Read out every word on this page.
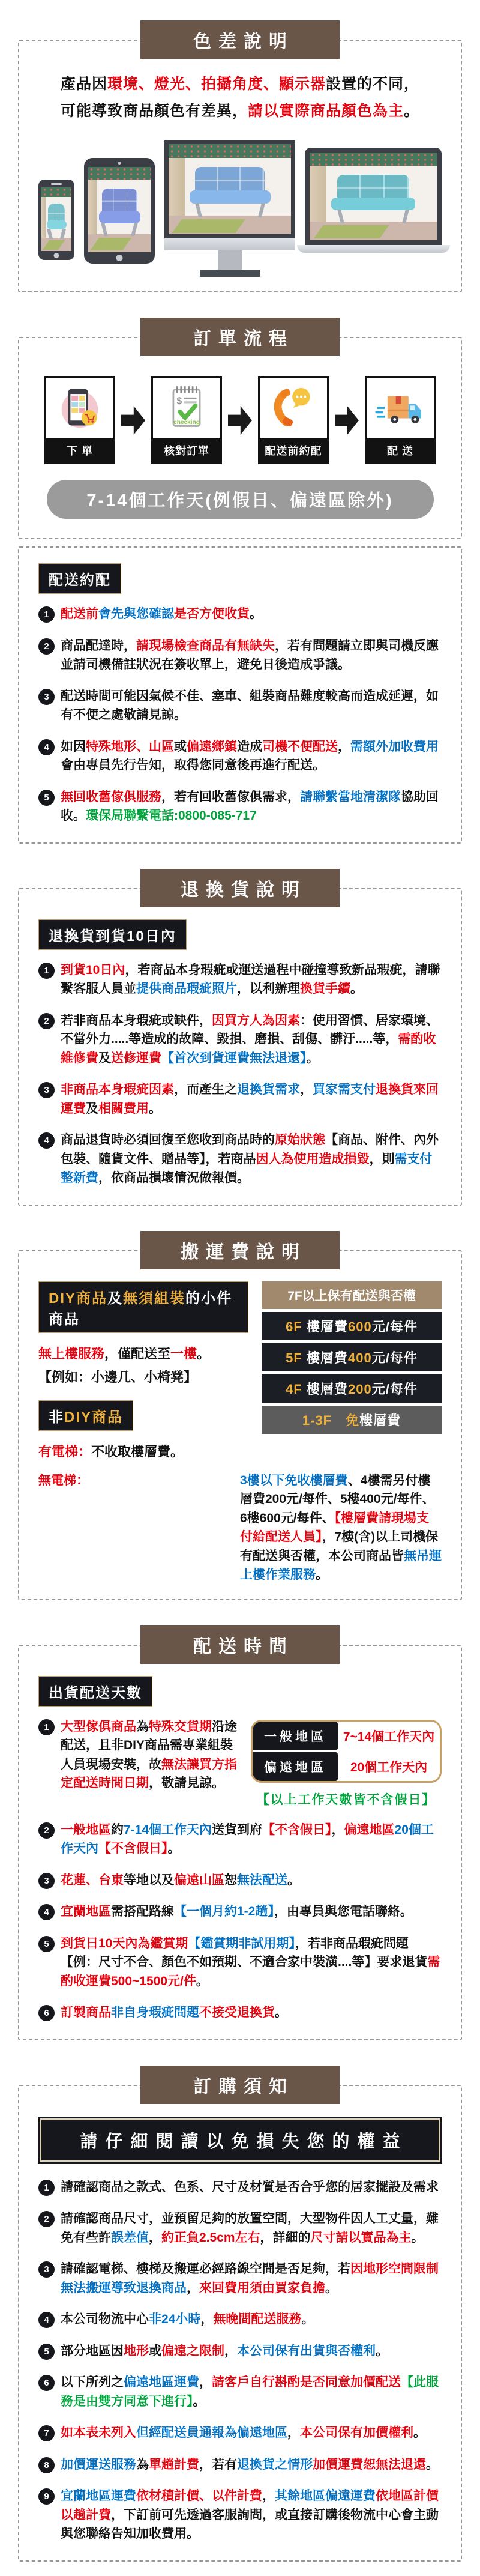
色差說明

產品因環境、燈光、拍攝角度、顯示器設置的不同，

可能導致商品顏色有差異，請以實際商品顏色為主。

訂單流程
下 單
$
checking
核對訂單	配送前約配	配 送
7-14個工作天(例假日、偏遠區除外)
配送約配
1 配送前會先與您確認是否方便收貨。

2 商品配達時，請現場檢查商品有無缺失，若有問題請立即與司機反應並請司機備註狀況在簽收單上，避免日後造成爭議。

3 配送時間可能因氣候不佳、塞車、組裝商品難度較高而造成延遲，如有不便之處敬請見諒。

4 如因特殊地形、山區或偏遠鄉鎮造成司機不便配送，需額外加收費用會由專員先行告知，取得您同意後再進行配送。

5 無回收舊傢俱服務，若有回收舊傢俱需求，請聯繫當地清潔隊協助回收。環保局聯繫電話:0800-085-717

退換貨說明
退換貨到貨10日內
1 到貨10日內，若商品本身瑕疵或運送過程中碰撞導致新品瑕疵，請聯繫客服人員並提供商品瑕疵照片，以利辦理換貨手續。

2 若非商品本身瑕疵或缺件，因買方人為因素：使用習慣、居家環境、不當外力.....等造成的故障、毀損、磨損、刮傷、髒汙.....等，需酌收維修費及送修運費【首次到貨運費無法退還】。

3 非商品本身瑕疵因素，而產生之退換貨需求，買家需支付退換貨來回運費及相關費用。

4 商品退貨時必須回復至您收到商品時的原始狀態【商品、附件、內外包裝、隨貨文件、贈品等】，若商品因人為使用造成損毀，則需支付整新費，依商品損壞情況做報價。

搬運費說明
DIY商品及無須組裝的小件商品

無上樓服務，僅配送至一樓。

【例如：小邊几、小椅凳】

非DIY商品

有電梯：不收取樓層費。

7F以上保有配送與否權
6F 樓層費600元/每件
5F 樓層費400元/每件
4F 樓層費200元/每件
1-3F　 免樓層費

無電梯：	3樓以下免收樓層費、4樓需另付樓層費200元/每件、5樓400元/每件、6樓600元/每件、【樓層費請現場支付給配送人員】，7樓(含)以上司機保有配送與否權，本公司商品皆無吊運上樓作業服務。

配送時間
出貨配送天數
1 大型傢俱商品為特殊交貨期沿途配送，且非DIY商品需專業組裝人員現場安裝，故無法讓買方指定配送時間日期，敬請見諒。

一般地區	7~14個工作天內
偏遠地區	20個工作天內
【以上工作天數皆不含假日】
2 一般地區約7-14個工作天內送貨到府【不含假日】，偏遠地區20個工作天內【不含假日】。

3 花蓮、台東等地以及偏遠山區恕無法配送。

4 宜蘭地區需搭配路線【一個月約1-2趟】，由專員與您電話聯絡。

5 到貨日10天內為鑑賞期【鑑賞期非試用期】，若非商品瑕疵問題【例：尺寸不合、顏色不如預期、不適合家中裝潢....等】要求退貨需酌收運費500~1500元/件。

6 訂製商品非自身瑕疵問題不接受退換貨。

訂購須知
請仔細閱讀以免損失您的權益
1 請確認商品之款式、色系、尺寸及材質是否合乎您的居家擺設及需求

2 請確認商品尺寸，並預留足夠的放置空間，大型物件因人工丈量，難免有些許誤差值，約正負2.5cm左右，詳細的尺寸請以實品為主。

3 請確認電梯、樓梯及搬運必經路線空間是否足夠，若因地形空間限制無法搬運導致退換商品，來回費用須由買家負擔。

4 本公司物流中心非24小時，無晚間配送服務。

5 部分地區因地形或偏遠之限制，本公司保有出貨與否權利。

6 以下所列之偏遠地區運費，請客戶自行斟酌是否同意加價配送【此服務是由雙方同意下進行】。

7 如本表未列入但經配送員通報為偏遠地區，本公司保有加價權利。

8 加價運送服務為單趟計費，若有退換貨之情形加價運費恕無法退還。

9 宜蘭地區運費依材積計價、以件計費，其餘地區偏遠運費依地區計價以趟計費，下訂前可先透過客服詢問，或直接訂購後物流中心會主動與您聯絡告知加收費用。
